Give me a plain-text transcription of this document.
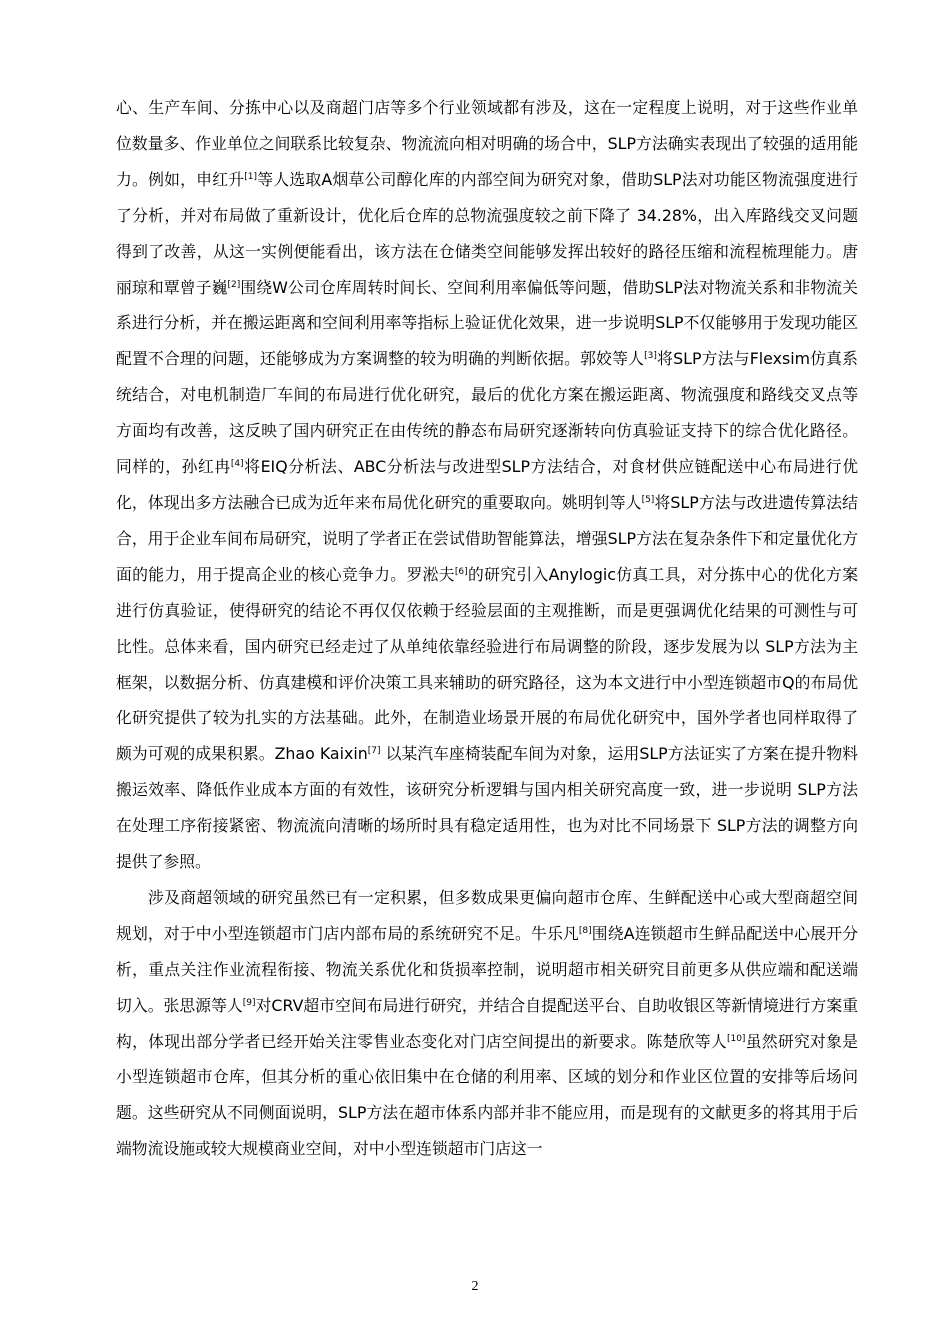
心、生产车间、分拣中心以及商超门店等多个行业领域都有涉及，这在一定程度上说明，对于这些作业单位数量多、作业单位之间联系比较复杂、物流流向相对明确的场合中，SLP方法确实表现出了较强的适用能力。例如，申红升[1]等人选取A烟草公司醇化库的内部空间为研究对象，借助SLP法对功能区物流强度进行了分析，并对布局做了重新设计，优化后仓库的总物流强度较之前下降了 34.28%，出入库路线交叉问题得到了改善，从这一实例便能看出，该方法在仓储类空间能够发挥出较好的路径压缩和流程梳理能力。唐丽琼和覃曾子巍[2]围绕W公司仓库周转时间长、空间利用率偏低等问题，借助SLP法对物流关系和非物流关系进行分析，并在搬运距离和空间利用率等指标上验证优化效果，进一步说明SLP不仅能够用于发现功能区配置不合理的问题，还能够成为方案调整的较为明确的判断依据。郭姣等人[3]将SLP方法与Flexsim仿真系统结合，对电机制造厂车间的布局进行优化研究，最后的优化方案在搬运距离、物流强度和路线交叉点等方面均有改善，这反映了国内研究正在由传统的静态布局研究逐渐转向仿真验证支持下的综合优化路径。同样的，孙红冉[4]将EIQ分析法、ABC分析法与改进型SLP方法结合，对食材供应链配送中心布局进行优化，体现出多方法融合已成为近年来布局优化研究的重要取向。姚明钊等人[5]将SLP方法与改进遗传算法结合，用于企业车间布局研究，说明了学者正在尝试借助智能算法，增强SLP方法在复杂条件下和定量优化方面的能力，用于提高企业的核心竞争力。罗淞夫[6]的研究引入Anylogic仿真工具，对分拣中心的优化方案进行仿真验证，使得研究的结论不再仅仅依赖于经验层面的主观推断，而是更强调优化结果的可测性与可比性。总体来看，国内研究已经走过了从单纯依靠经验进行布局调整的阶段，逐步发展为以 SLP方法为主框架，以数据分析、仿真建模和评价决策工具来辅助的研究路径，这为本文进行中小型连锁超市Q的布局优化研究提供了较为扎实的方法基础。此外，在制造业场景开展的布局优化研究中，国外学者也同样取得了颇为可观的成果积累。Zhao Kaixin[7] 以某汽车座椅装配车间为对象，运用SLP方法证实了方案在提升物料搬运效率、降低作业成本方面的有效性，该研究分析逻辑与国内相关研究高度一致，进一步说明 SLP方法在处理工序衔接紧密、物流流向清晰的场所时具有稳定适用性，也为对比不同场景下 SLP方法的调整方向提供了参照。

涉及商超领域的研究虽然已有一定积累，但多数成果更偏向超市仓库、生鲜配送中心或大型商超空间规划，对于中小型连锁超市门店内部布局的系统研究不足。牛乐凡[8]围绕A连锁超市生鲜品配送中心展开分析，重点关注作业流程衔接、物流关系优化和货损率控制，说明超市相关研究目前更多从供应端和配送端切入。张思源等人[9]对CRV超市空间布局进行研究，并结合自提配送平台、自助收银区等新情境进行方案重构，体现出部分学者已经开始关注零售业态变化对门店空间提出的新要求。陈楚欣等人[10]虽然研究对象是小型连锁超市仓库，但其分析的重心依旧集中在仓储的利用率、区域的划分和作业区位置的安排等后场问题。这些研究从不同侧面说明，SLP方法在超市体系内部并非不能应用，而是现有的文献更多的将其用于后端物流设施或较大规模商业空间，对中小型连锁超市门店这一

2
